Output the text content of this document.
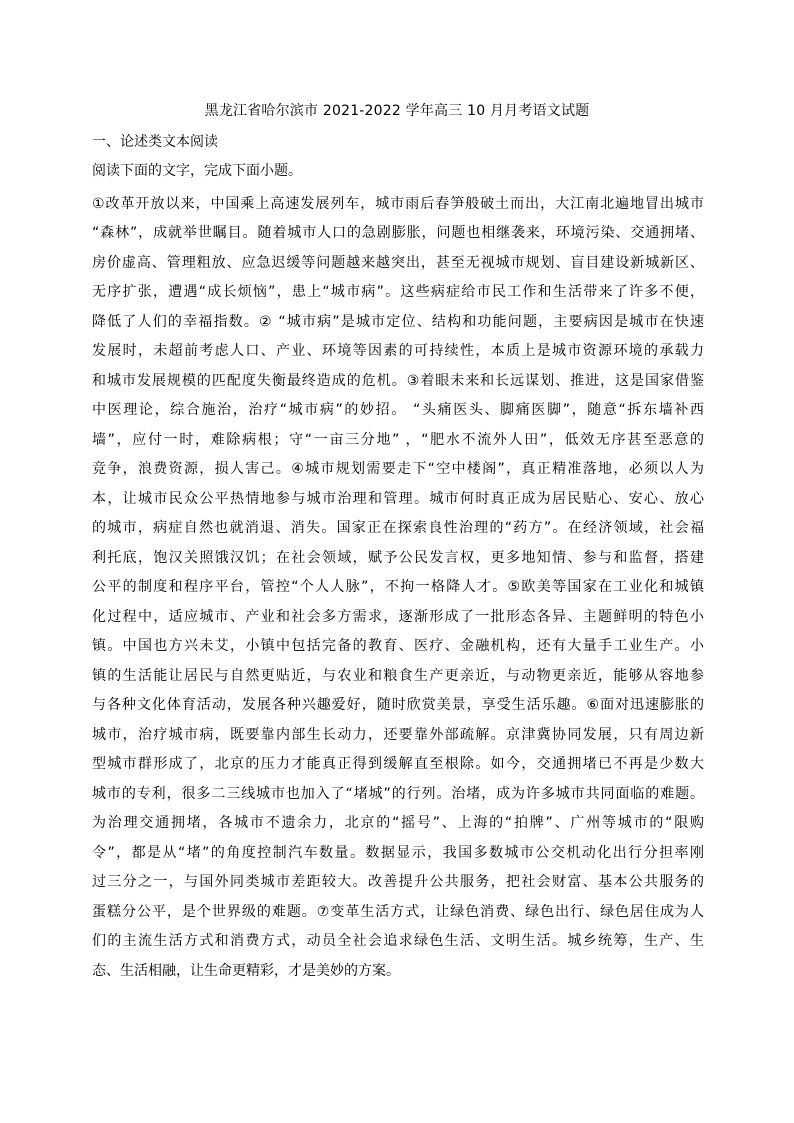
黑龙江省哈尔滨市 2021-2022 学年高三 10 月月考语文试题
一、论述类文本阅读
阅读下面的文字，完成下面小题。
①改革开放以来，中国乘上高速发展列车，城市雨后春笋般破土而出，大江南北遍地冒出城市
“森林”，成就举世瞩目。随着城市人口的急剧膨胀，问题也相继袭来，环境污染、交通拥堵、
房价虚高、管理粗放、应急迟缓等问题越来越突出，甚至无视城市规划、盲目建设新城新区、
无序扩张，遭遇“成长烦恼”，患上“城市病”。这些病症给市民工作和生活带来了许多不便，
降低了人们的幸福指数。② “城市病”是城市定位、结构和功能问题，主要病因是城市在快速
发展时，未超前考虑人口、产业、环境等因素的可持续性，本质上是城市资源环境的承载力
和城市发展规模的匹配度失衡最终造成的危机。③着眼未来和长远谋划、推进，这是国家借鉴
中医理论，综合施治，治疗“城市病”的妙招。 “头痛医头、脚痛医脚”，随意“拆东墙补西
墙”，应付一时，难除病根；守“一亩三分地” ，“肥水不流外人田”，低效无序甚至恶意的
竞争，浪费资源，损人害己。④城市规划需要走下“空中楼阁”，真正精准落地，必须以人为
本，让城市民众公平热情地参与城市治理和管理。城市何时真正成为居民贴心、安心、放心
的城市，病症自然也就消退、消失。国家正在探索良性治理的“药方”。在经济领域，社会福
利托底，饱汉关照饿汉饥；在社会领域，赋予公民发言权，更多地知情、参与和监督，搭建
公平的制度和程序平台，管控“个人人脉”，不拘一格降人才。⑤欧美等国家在工业化和城镇
化过程中，适应城市、产业和社会多方需求，逐渐形成了一批形态各异、主题鲜明的特色小
镇。中国也方兴未艾，小镇中包括完备的教育、医疗、金融机构，还有大量手工业生产。小
镇的生活能让居民与自然更贴近，与农业和粮食生产更亲近，与动物更亲近，能够从容地参
与各种文化体育活动，发展各种兴趣爱好，随时欣赏美景，享受生活乐趣。⑥面对迅速膨胀的
城市，治疗城市病，既要靠内部生长动力，还要靠外部疏解。京津冀协同发展，只有周边新
型城市群形成了，北京的压力才能真正得到缓解直至根除。如今，交通拥堵已不再是少数大
城市的专利，很多二三线城市也加入了“堵城”的行列。治堵，成为许多城市共同面临的难题。
为治理交通拥堵，各城市不遗余力，北京的“摇号”、上海的“拍牌”、广州等城市的“限购
令”，都是从“堵”的角度控制汽车数量。数据显示，我国多数城市公交机动化出行分担率刚
过三分之一，与国外同类城市差距较大。改善提升公共服务，把社会财富、基本公共服务的
蛋糕分公平，是个世界级的难题。⑦变革生活方式，让绿色消费、绿色出行、绿色居住成为人
们的主流生活方式和消费方式，动员全社会追求绿色生活、文明生活。城乡统筹，生产、生
态、生活相融，让生命更精彩，才是美妙的方案。
